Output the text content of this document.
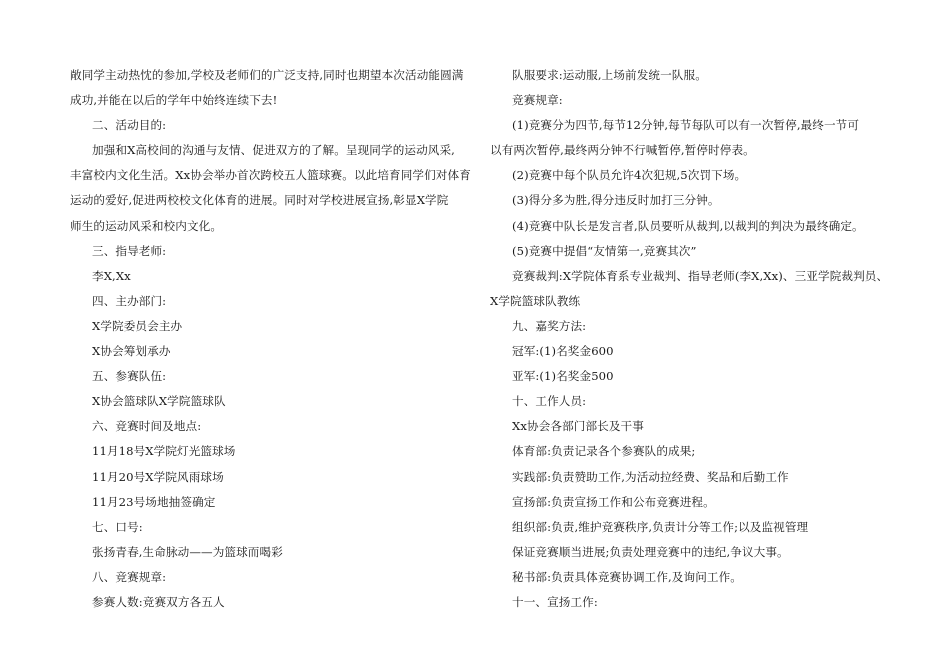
敞同学主动热忱的参加,学校及老师们的广泛支持,同时也期望本次活动能圆满
成功,并能在以后的学年中始终连续下去!
二、活动目的:
加强和X高校间的沟通与友情、促进双方的了解。呈现同学的运动风采,
丰富校内文化生活。Xx协会举办首次跨校五人篮球赛。以此培育同学们对体育
运动的爱好,促进两校校文化体育的进展。同时对学校进展宣扬,彰显X学院
师生的运动风采和校内文化。
三、指导老师:
李X,Xx
四、主办部门:
X学院委员会主办
X协会筹划承办
五、参赛队伍:
X协会篮球队X学院篮球队
六、竞赛时间及地点:
11月18号X学院灯光篮球场
11月20号X学院风雨球场
11月23号场地抽签确定
七、口号:
张扬青春,生命脉动——为篮球而喝彩
八、竞赛规章:
参赛人数:竞赛双方各五人
队服要求:运动服,上场前发统一队服。
竞赛规章:
(1)竞赛分为四节,每节12分钟,每节每队可以有一次暂停,最终一节可
以有两次暂停,最终两分钟不行喊暂停,暂停时停表。
(2)竞赛中每个队员允许4次犯规,5次罚下场。
(3)得分多为胜,得分违反时加打三分钟。
(4)竞赛中队长是发言者,队员要听从裁判,以裁判的判决为最终确定。
(5)竞赛中提倡“友情第一,竞赛其次”
竞赛裁判:X学院体育系专业裁判、指导老师(李X,Xx)、三亚学院裁判员、
X学院篮球队教练
九、嘉奖方法:
冠军:(1)名奖金600
亚军:(1)名奖金500
十、工作人员:
Xx协会各部门部长及干事
体育部:负责记录各个参赛队的成果;
实践部:负责赞助工作,为活动拉经费、奖品和后勤工作
宣扬部:负责宣扬工作和公布竞赛进程。
组织部:负责,维护竞赛秩序,负责计分等工作;以及监视管理
保证竞赛顺当进展;负责处理竞赛中的违纪,争议大事。
秘书部:负责具体竞赛协调工作,及询问工作。
十一、宣扬工作:
